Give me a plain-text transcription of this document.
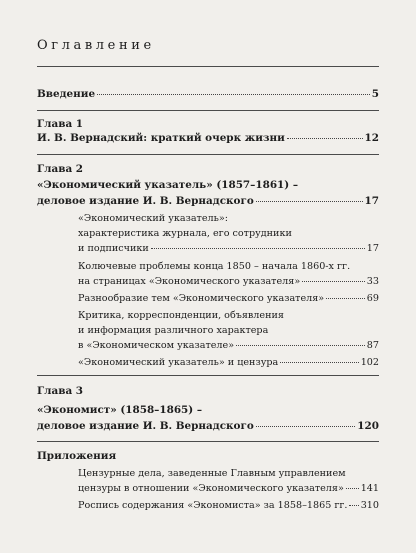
Оглавление
Введение	5
Глава 1
И. В. Вернадский: краткий очерк жизни	12
Глава 2
«Экономический указатель» (1857–1861) –
деловое издание И. В. Вернадского	17
«Экономический указатель»:
характеристика журнала, его сотрудники
и подписчики	17
Колючевые проблемы конца 1850 – начала 1860-х гг.
на страницах «Экономического указателя»	33
Разнообразие тем «Экономического указателя»	69
Критика, корреспонденции, объявления
и информация различного характера
в «Экономическом указателе»	87
«Экономический указатель» и цензура	102
Глава 3
«Экономист» (1858–1865) –
деловое издание И. В. Вернадского	120
Приложения
Цензурные дела, заведенные Главным управлением
цензуры в отношении «Экономического указателя» 141
Роспись содержания «Экономиста» за 1858–1865 гг. 310
